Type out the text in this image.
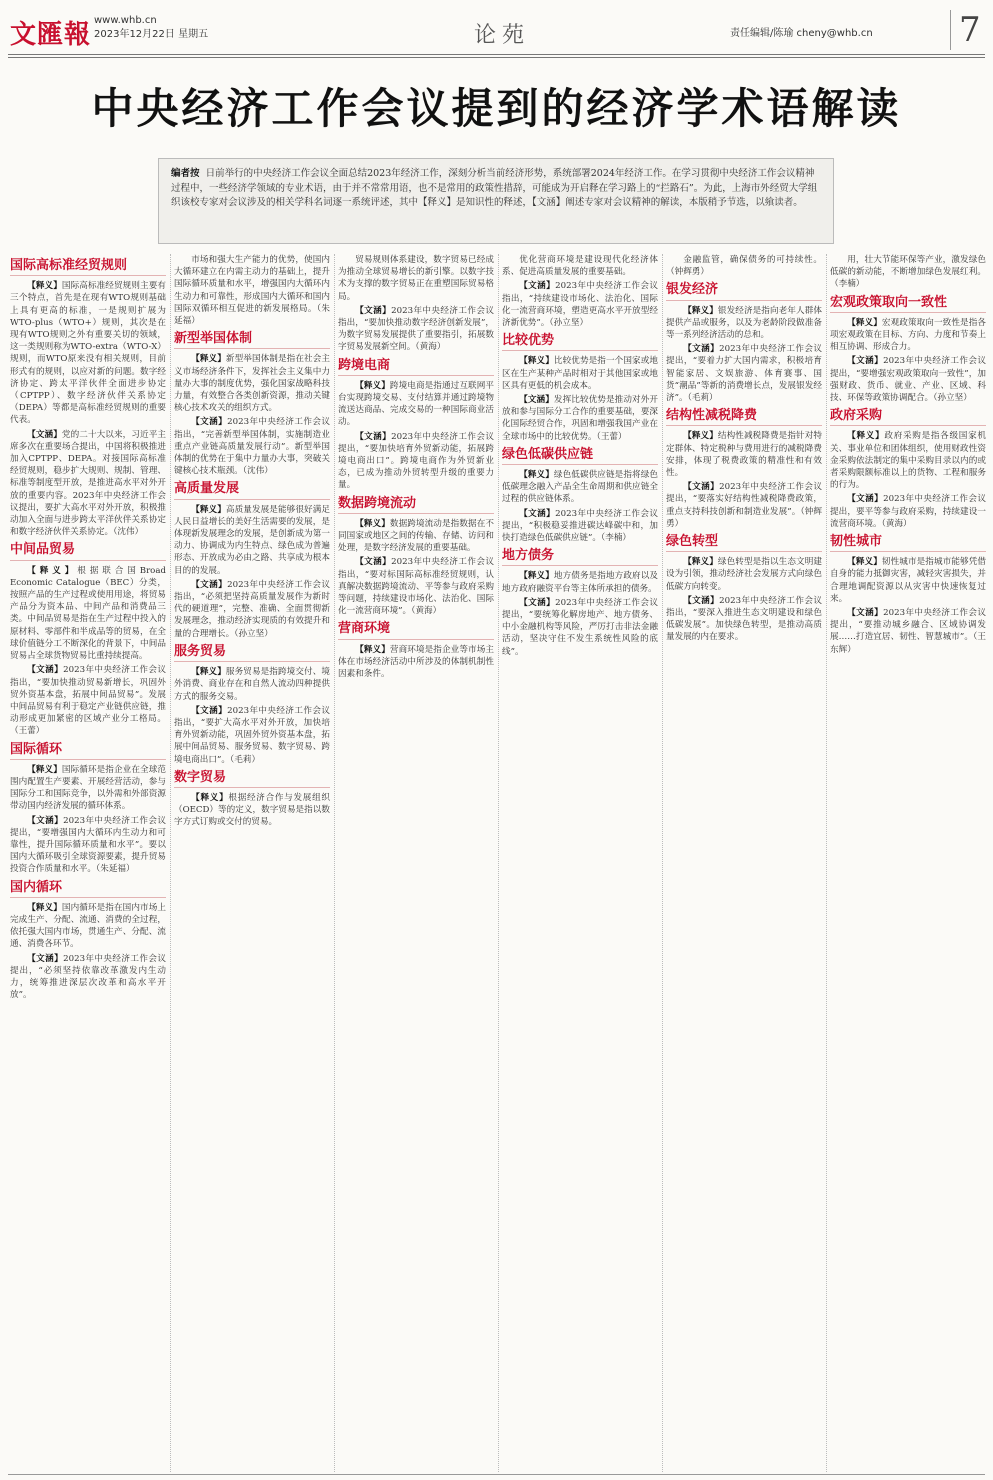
文匯報 www.whb.cn
2023年12月22日 星期五	论苑	责任编辑/陈瑜 cheny@whb.cn	7
中央经济工作会议提到的经济学术语解读
编者按 日前举行的中央经济工作会议全面总结2023年经济工作，深刻分析当前经济形势，系统部署2024年经济工作。在学习贯彻中央经济工作会议精神过程中，一些经济学领域的专业术语，由于并不常常用语，也不是常用的政策性措辞，可能成为开启释在学习路上的“拦路石”。为此，上海市外经贸大学组织该校专家对会议涉及的相关学科名词逐一系统评述，其中【释义】是知识性的释述，【文涵】阐述专家对会议精神的解读，本版稍予节选，以飨读者。
国际高标准经贸规则

【释义】国际高标准经贸规则主要有三个特点，首先是在现有WTO规则基础上具有更高的标准，一是规则扩展为WTO-plus（WTO+）规则，其次是在现有WTO规则之外有重要关切的领域，这一类规则称为WTO-extra（WTO-X）规则，而WTO原来没有相关规则，目前形式有的规则，以应对新的问题。数字经济协定、跨太平洋伙伴全面进步协定（CPTPP）、数字经济伙伴关系协定（DEPA）等都是高标准经贸规则的重要代表。

【文涵】党的二十大以来，习近平主席多次在重要场合提出，中国将积极推进加入CPTPP、DEPA。对接国际高标准经贸规则，稳步扩大规则、规制、管理、标准等制度型开放，是推进高水平对外开放的重要内容。2023年中央经济工作会议提出，要扩大高水平对外开放，积极推动加入全面与进步跨太平洋伙伴关系协定和数字经济伙伴关系协定。（沈伟）

中间品贸易

【释义】根据联合国Broad Economic Catalogue（BEC）分类，按照产品的生产过程或使用用途，将贸易产品分为资本品、中间产品和消费品三类。中间品贸易是指在生产过程中投入的原材料、零部件和半成品等的贸易，在全球价值链分工不断深化的背景下，中间品贸易占全球货物贸易比重持续提高。

【文涵】2023年中央经济工作会议指出，“要加快推动贸易新增长，巩固外贸外资基本盘，拓展中间品贸易”。发展中间品贸易有利于稳定产业链供应链，推动形成更加紧密的区域产业分工格局。（王蕾）

国际循环

【释义】国际循环是指企业在全球范围内配置生产要素、开展经营活动，参与国际分工和国际竞争，以外需和外部资源带动国内经济发展的循环体系。

【文涵】2023年中央经济工作会议提出，“要增强国内大循环内生动力和可靠性，提升国际循环质量和水平”。要以国内大循环吸引全球资源要素，提升贸易投资合作质量和水平。（朱延福）

国内循环

【释义】国内循环是指在国内市场上完成生产、分配、流通、消费的全过程，依托强大国内市场，贯通生产、分配、流通、消费各环节。

【文涵】2023年中央经济工作会议提出，“必须坚持依靠改革激发内生动力，统筹推进深层次改革和高水平开放”。

市场和强大生产能力的优势，使国内大循环建立在内需主动力的基础上，提升国际循环质量和水平，增强国内大循环内生动力和可靠性，形成国内大循环和国内国际双循环相互促进的新发展格局。（朱延福）

新型举国体制

【释义】新型举国体制是指在社会主义市场经济条件下，发挥社会主义集中力量办大事的制度优势，强化国家战略科技力量，有效整合各类创新资源，推动关键核心技术攻关的组织方式。

【文涵】2023年中央经济工作会议指出，“完善新型举国体制，实施制造业重点产业链高质量发展行动”。新型举国体制的优势在于集中力量办大事，突破关键核心技术瓶颈。（沈伟）

高质量发展

【释义】高质量发展是能够很好满足人民日益增长的美好生活需要的发展，是体现新发展理念的发展，是创新成为第一动力、协调成为内生特点、绿色成为普遍形态、开放成为必由之路、共享成为根本目的的发展。

【文涵】2023年中央经济工作会议指出，“必须把坚持高质量发展作为新时代的硬道理”，完整、准确、全面贯彻新发展理念，推动经济实现质的有效提升和量的合理增长。（孙立坚）

服务贸易

【释义】服务贸易是指跨境交付、境外消费、商业存在和自然人流动四种提供方式的服务交易。

【文涵】2023年中央经济工作会议指出，“要扩大高水平对外开放，加快培育外贸新动能，巩固外贸外资基本盘，拓展中间品贸易、服务贸易、数字贸易、跨境电商出口”。（毛莉）

数字贸易

【释义】根据经济合作与发展组织（OECD）等的定义，数字贸易是指以数字方式订购或交付的贸易。

贸易规则体系建设，数字贸易已经成为推动全球贸易增长的新引擎。以数字技术为支撑的数字贸易正在重塑国际贸易格局。

【文涵】2023年中央经济工作会议指出，“要加快推动数字经济创新发展”，为数字贸易发展提供了重要指引，拓展数字贸易发展新空间。（黄海）

跨境电商

【释义】跨境电商是指通过互联网平台实现跨境交易、支付结算并通过跨境物流送达商品、完成交易的一种国际商业活动。

【文涵】2023年中央经济工作会议提出，“要加快培育外贸新动能，拓展跨境电商出口”。跨境电商作为外贸新业态，已成为推动外贸转型升级的重要力量。

数据跨境流动

【释义】数据跨境流动是指数据在不同国家或地区之间的传输、存储、访问和处理，是数字经济发展的重要基础。

【文涵】2023年中央经济工作会议指出，“要对标国际高标准经贸规则，认真解决数据跨境流动、平等参与政府采购等问题，持续建设市场化、法治化、国际化一流营商环境”。（黄海）

营商环境

【释义】营商环境是指企业等市场主体在市场经济活动中所涉及的体制机制性因素和条件。

优化营商环境是建设现代化经济体系、促进高质量发展的重要基础。

【文涵】2023年中央经济工作会议指出，“持续建设市场化、法治化、国际化一流营商环境，塑造更高水平开放型经济新优势”。（孙立坚）

比较优势

【释义】比较优势是指一个国家或地区在生产某种产品时相对于其他国家或地区具有更低的机会成本。

【文涵】发挥比较优势是推动对外开放和参与国际分工合作的重要基础，要深化国际经贸合作，巩固和增强我国产业在全球市场中的比较优势。（王蕾）

绿色低碳供应链

【释义】绿色低碳供应链是指将绿色低碳理念融入产品全生命周期和供应链全过程的供应链体系。

【文涵】2023年中央经济工作会议提出，“积极稳妥推进碳达峰碳中和，加快打造绿色低碳供应链”。（李楠）

地方债务

【释义】地方债务是指地方政府以及地方政府融资平台等主体所承担的债务。

【文涵】2023年中央经济工作会议提出，“要统筹化解房地产、地方债务、中小金融机构等风险，严厉打击非法金融活动，坚决守住不发生系统性风险的底线”。

金融监管，确保债务的可持续性。（钟辉勇）

银发经济

【释义】银发经济是指向老年人群体提供产品或服务，以及为老龄阶段做准备等一系列经济活动的总和。

【文涵】2023年中央经济工作会议提出，“要着力扩大国内需求，积极培育智能家居、文娱旅游、体育赛事、国货“潮品”等新的消费增长点，发展银发经济”。（毛莉）

结构性减税降费

【释义】结构性减税降费是指针对特定群体、特定税种与费用进行的减税降费安排，体现了税费政策的精准性和有效性。

【文涵】2023年中央经济工作会议提出，“要落实好结构性减税降费政策，重点支持科技创新和制造业发展”。（钟辉勇）

绿色转型

【释义】绿色转型是指以生态文明建设为引领，推动经济社会发展方式向绿色低碳方向转变。

【文涵】2023年中央经济工作会议指出，“要深入推进生态文明建设和绿色低碳发展”。加快绿色转型，是推动高质量发展的内在要求。

用，壮大节能环保等产业，激发绿色低碳的新动能，不断增加绿色发展红利。（李楠）

宏观政策取向一致性

【释义】宏观政策取向一致性是指各项宏观政策在目标、方向、力度和节奏上相互协调、形成合力。

【文涵】2023年中央经济工作会议提出，“要增强宏观政策取向一致性”，加强财政、货币、就业、产业、区域、科技、环保等政策协调配合。（孙立坚）

政府采购

【释义】政府采购是指各级国家机关、事业单位和团体组织，使用财政性资金采购依法制定的集中采购目录以内的或者采购限额标准以上的货物、工程和服务的行为。

【文涵】2023年中央经济工作会议提出，要平等参与政府采购，持续建设一流营商环境。（黄海）

韧性城市

【释义】韧性城市是指城市能够凭借自身的能力抵御灾害，减轻灾害损失，并合理地调配资源以从灾害中快速恢复过来。

【文涵】2023年中央经济工作会议提出，“要推动城乡融合、区域协调发展……打造宜居、韧性、智慧城市”。（王东辉）
